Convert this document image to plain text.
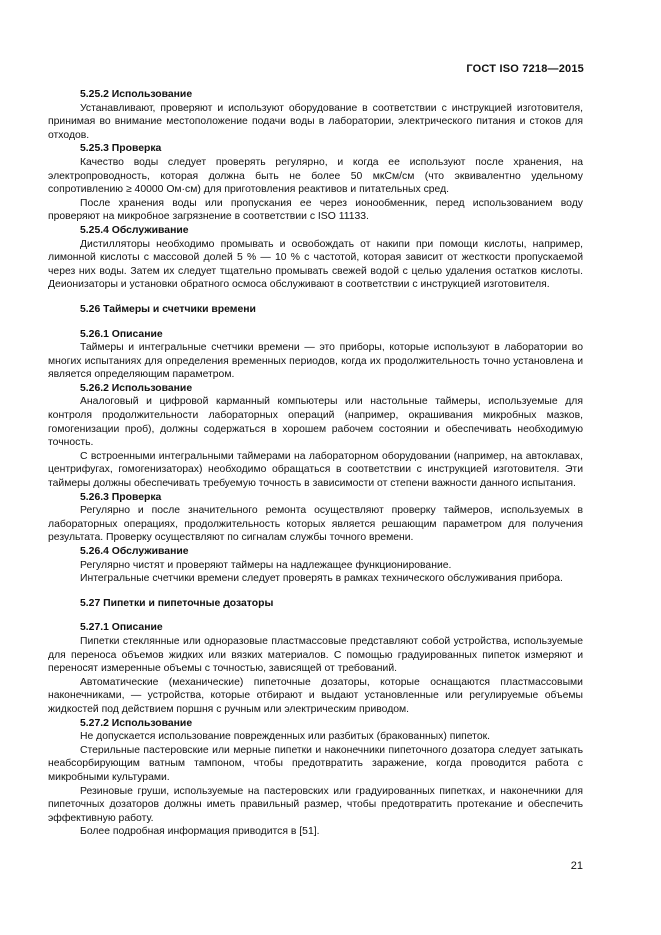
ГОСТ ISO 7218—2015

5.25.2 Использование

Устанавливают, проверяют и используют оборудование в соответствии с инструкцией изготовителя, принимая во внимание местоположение подачи воды в лаборатории, электрического питания и стоков для отходов.

5.25.3 Проверка

Качество воды следует проверять регулярно, и когда ее используют после хранения, на электропроводность, которая должна быть не более 50 мкСм/см (что эквивалентно удельному сопротивлению ≥ 40000 Ом·см) для приготовления реактивов и питательных сред.

После хранения воды или пропускания ее через ионообменник, перед использованием воду проверяют на микробное загрязнение в соответствии с ISO 11133.

5.25.4 Обслуживание

Дистилляторы необходимо промывать и освобождать от накипи при помощи кислоты, например, лимонной кислоты с массовой долей 5 % — 10 % с частотой, которая зависит от жесткости пропускаемой через них воды. Затем их следует тщательно промывать свежей водой с целью удаления остатков кислоты. Деионизаторы и установки обратного осмоса обслуживают в соответствии с инструкцией изготовителя.

5.26 Таймеры и счетчики времени

5.26.1 Описание

Таймеры и интегральные счетчики времени — это приборы, которые используют в лаборатории во многих испытаниях для определения временных периодов, когда их продолжительность точно установлена и является определяющим параметром.

5.26.2 Использование

Аналоговый и цифровой карманный компьютеры или настольные таймеры, используемые для контроля продолжительности лабораторных операций (например, окрашивания микробных мазков, гомогенизации проб), должны содержаться в хорошем рабочем состоянии и обеспечивать необходимую точность.

С встроенными интегральными таймерами на лабораторном оборудовании (например, на автоклавах, центрифугах, гомогенизаторах) необходимо обращаться в соответствии с инструкцией изготовителя. Эти таймеры должны обеспечивать требуемую точность в зависимости от степени важности данного испытания.

5.26.3 Проверка

Регулярно и после значительного ремонта осуществляют проверку таймеров, используемых в лабораторных операциях, продолжительность которых является решающим параметром для получения результата. Проверку осуществляют по сигналам службы точного времени.

5.26.4 Обслуживание

Регулярно чистят и проверяют таймеры на надлежащее функционирование.

Интегральные счетчики времени следует проверять в рамках технического обслуживания прибора.

5.27 Пипетки и пипеточные дозаторы

5.27.1 Описание

Пипетки стеклянные или одноразовые пластмассовые представляют собой устройства, используемые для переноса объемов жидких или вязких материалов. С помощью градуированных пипеток измеряют и переносят измеренные объемы с точностью, зависящей от требований.

Автоматические (механические) пипеточные дозаторы, которые оснащаются пластмассовыми наконечниками, — устройства, которые отбирают и выдают установленные или регулируемые объемы жидкостей под действием поршня с ручным или электрическим приводом.

5.27.2 Использование

Не допускается использование поврежденных или разбитых (бракованных) пипеток.

Стерильные пастеровские или мерные пипетки и наконечники пипеточного дозатора следует затыкать неабсорбирующим ватным тампоном, чтобы предотвратить заражение, когда проводится работа с микробными культурами.

Резиновые груши, используемые на пастеровских или градуированных пипетках, и наконечники для пипеточных дозаторов должны иметь правильный размер, чтобы предотвратить протекание и обеспечить эффективную работу.

Более подробная информация приводится в [51].

21
